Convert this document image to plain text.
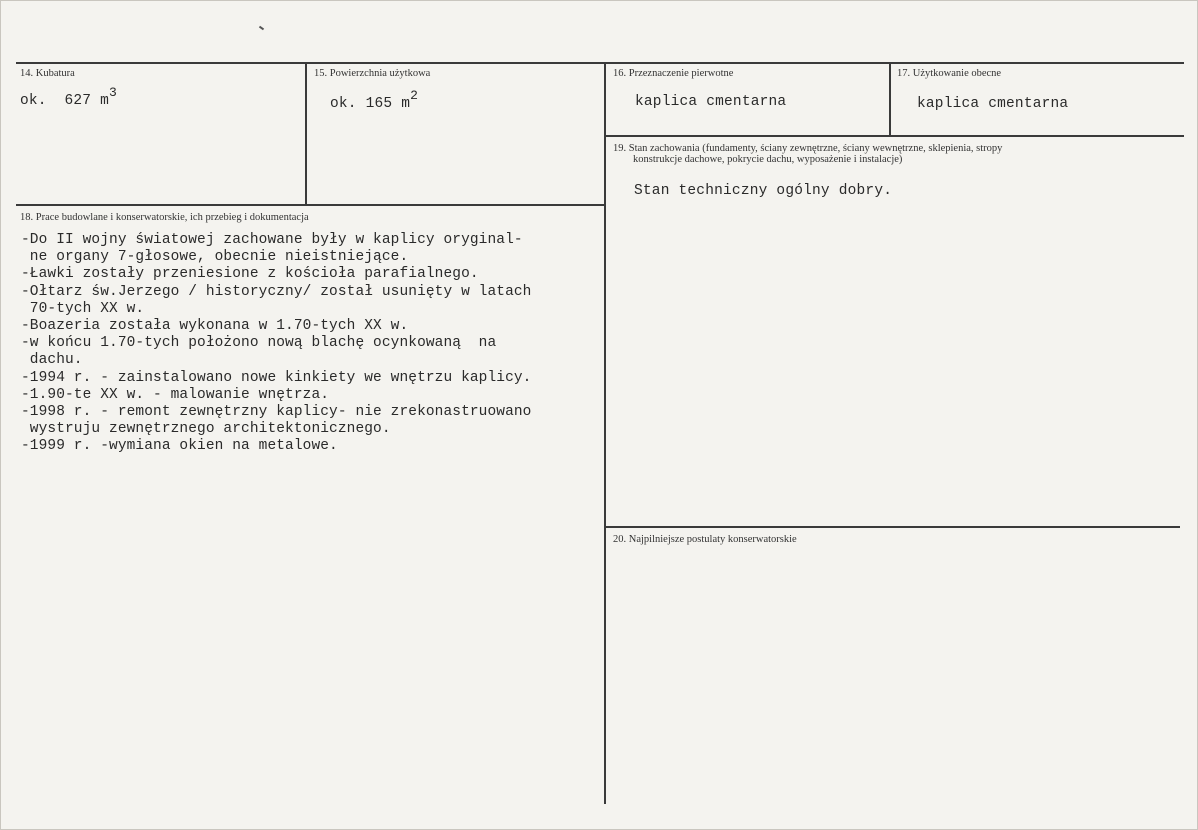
14. Kubatura
ok.  627 m3
15. Powierzchnia użytkowa
ok. 165 m2
16. Przeznaczenie pierwotne
kaplica cmentarna
17. Użytkowanie obecne
kaplica cmentarna
19. Stan zachowania (fundamenty, ściany zewnętrzne, ściany wewnętrzne, sklepienia, stropy
konstrukcje dachowe, pokrycie dachu, wyposażenie i instalacje)
Stan techniczny ogólny dobry.
18. Prace budowlane i konserwatorskie, ich przebieg i dokumentacja
-Do II wojny światowej zachowane były w kaplicy oryginal-
ne organy 7-głosowe, obecnie nieistniejące.
-Ławki zostały przeniesione z kościoła parafialnego.
-Ołtarz św.Jerzego / historyczny/ został usunięty w latach
70-tych XX w.
-Boazeria została wykonana w 1.70-tych XX w.
-w końcu 1.70-tych położono nową blachę ocynkowaną  na
dachu.
-1994 r. - zainstalowano nowe kinkiety we wnętrzu kaplicy.
-1.90-te XX w. - malowanie wnętrza.
-1998 r. - remont zewnętrzny kaplicy- nie zrekonastruowano
wystruju zewnętrznego architektonicznego.
-1999 r. -wymiana okien na metalowe.
20. Najpilniejsze postulaty konserwatorskie
